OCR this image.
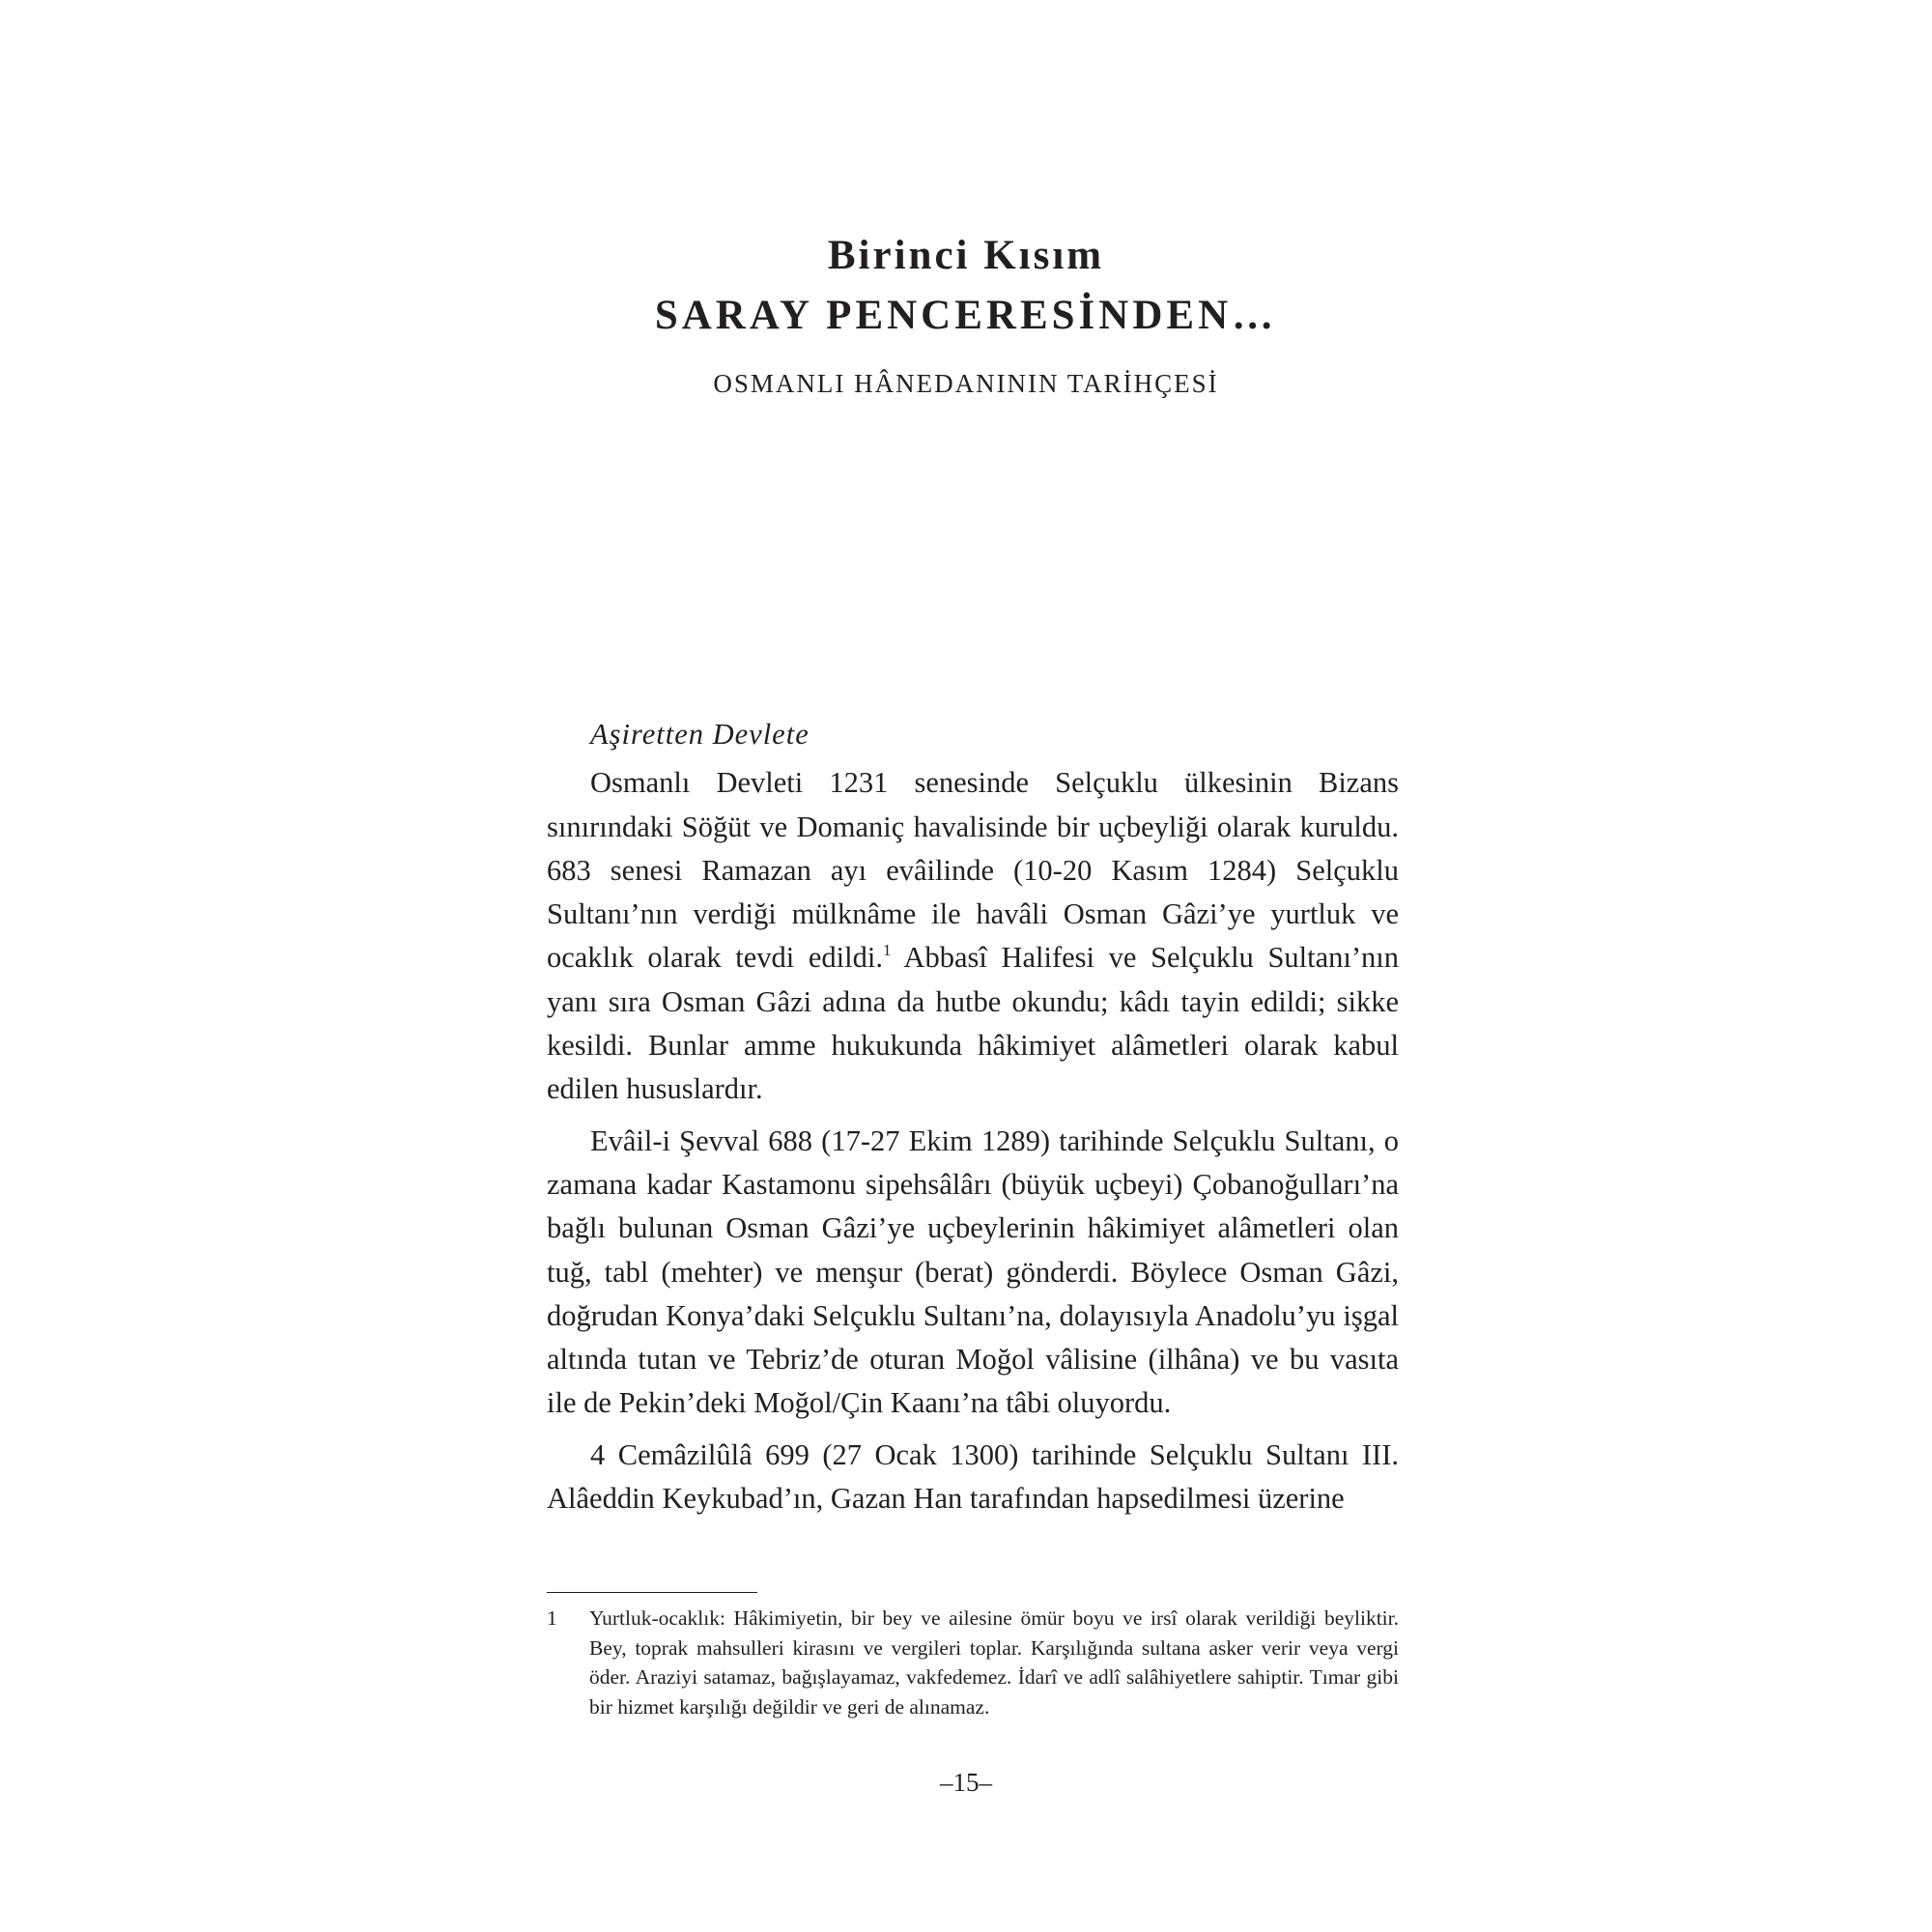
Birinci Kısım
SARAY PENCERESİNDEN…
OSMANLI HÂNEDANININ TARİHÇESİ

Aşiretten Devlete

Osmanlı Devleti 1231 senesinde Selçuklu ülkesinin Bizans sınırındaki Söğüt ve Domaniç havalisinde bir uçbeyliği olarak kuruldu. 683 senesi Ramazan ayı evâilinde (10-20 Kasım 1284) Selçuklu Sultanı’nın verdiği mülknâme ile havâli Osman Gâzi’ye yurtluk ve ocaklık olarak tevdi edildi.$^1$ Abbasî Halifesi ve Selçuklu Sultanı’nın yanı sıra Osman Gâzi adına da hutbe okundu; kâdı tayin edildi; sikke kesildi. Bunlar amme hukukunda hâkimiyet alâmetleri olarak kabul edilen hususlardır.

Evâil-i Şevval 688 (17-27 Ekim 1289) tarihinde Selçuklu Sultanı, o zamana kadar Kastamonu sipehsâlârı (büyük uçbeyi) Çobanoğulları’na bağlı bulunan Osman Gâzi’ye uçbeylerinin hâkimiyet alâmetleri olan tuğ, tabl (mehter) ve menşur (berat) gönderdi. Böylece Osman Gâzi, doğrudan Konya’daki Selçuklu Sultanı’na, dolayısıyla Anadolu’yu işgal altında tutan ve Tebriz’de oturan Moğol vâlisine (ilhâna) ve bu vasıta ile de Pekin’deki Moğol/Çin Kaanı’na tâbi oluyordu.

4 Cemâzilûlâ 699 (27 Ocak 1300) tarihinde Selçuklu Sultanı III. Alâeddin Keykubad’ın, Gazan Han tarafından hapsedilmesi üzerine

1 Yurtluk-ocaklık: Hâkimiyetin, bir bey ve ailesine ömür boyu ve irsî olarak verildiği beyliktir. Bey, toprak mahsulleri kirasını ve vergileri toplar. Karşılığında sultana asker verir veya vergi öder. Araziyi satamaz, bağışlayamaz, vakfedemez. İdarî ve adlî salâhiyetlere sahiptir. Tımar gibi bir hizmet karşılığı değildir ve geri de alınamaz.
–15–
